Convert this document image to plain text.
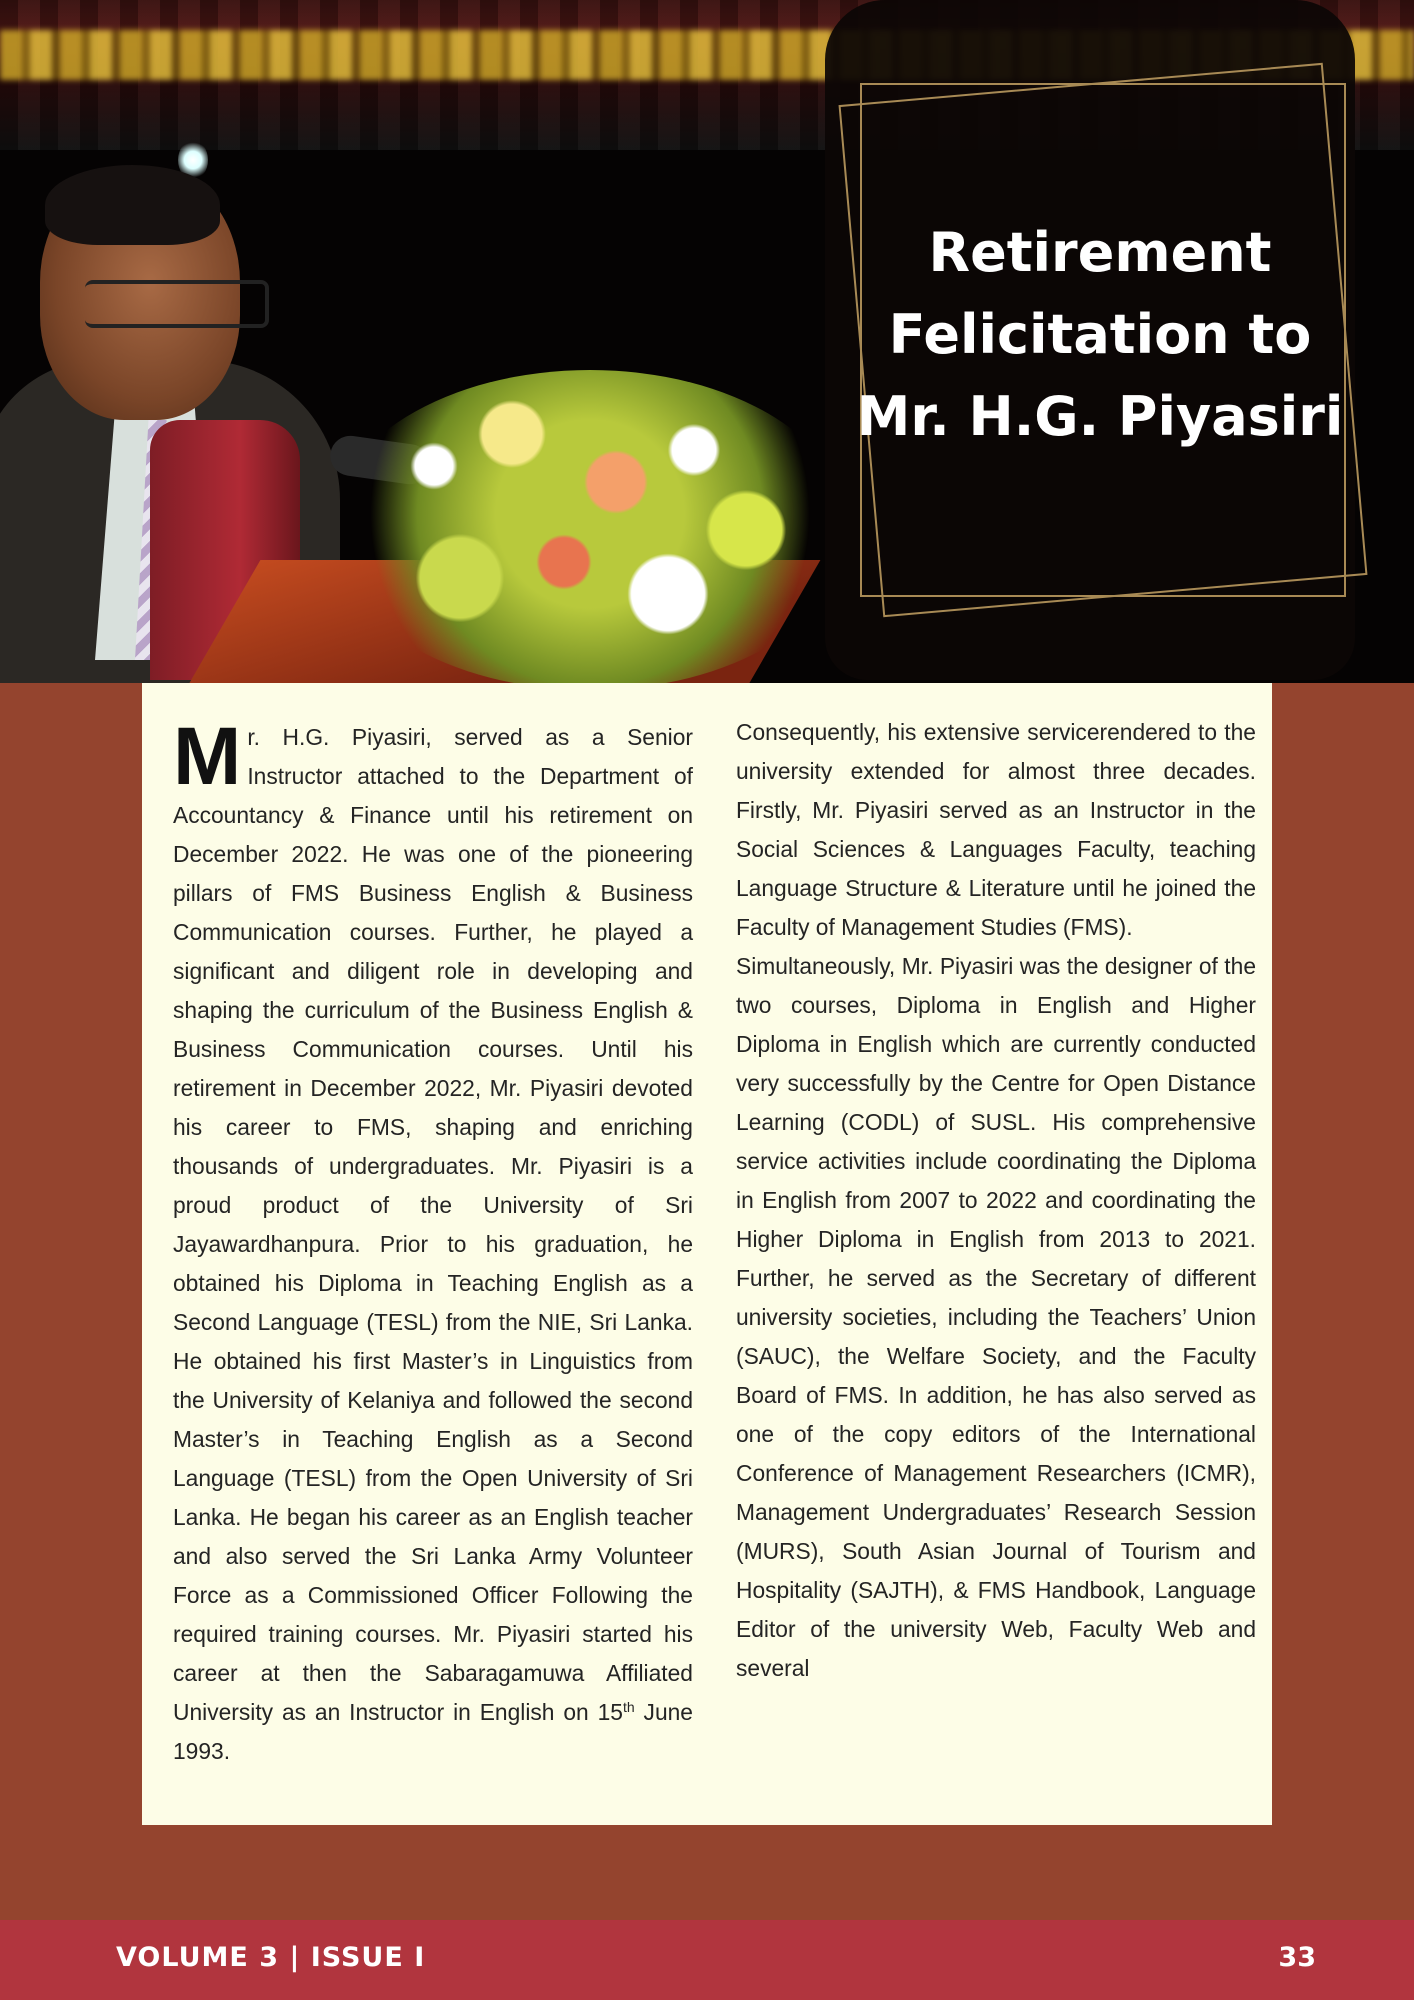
Retirement Felicitation to Mr. H.G. Piyasiri

Mr. H.G. Piyasiri, served as a Senior Instructor attached to the Department of Accountancy & Finance until his retirement on December 2022. He was one of the pioneering pillars of FMS Business English & Business Communication courses. Further, he played a significant and diligent role in developing and shaping the curriculum of the Business English & Business Communication courses. Until his retirement in December 2022, Mr. Piyasiri devoted his career to FMS, shaping and enriching thousands of undergraduates. Mr. Piyasiri is a proud product of the University of Sri Jayawardhanpura. Prior to his graduation, he obtained his Diploma in Teaching English as a Second Language (TESL) from the NIE, Sri Lanka. He obtained his first Master’s in Linguistics from the University of Kelaniya and followed the second Master’s in Teaching English as a Second Language (TESL) from the Open University of Sri Lanka. He began his career as an English teacher and also served the Sri Lanka Army Volunteer Force as a Commissioned Officer Following the required training courses. Mr. Piyasiri started his career at then the Sabaragamuwa Affiliated University as an Instructor in English on 15th June 1993.

Consequently, his extensive servicerendered to the university extended for almost three decades. Firstly, Mr. Piyasiri served as an Instructor in the Social Sciences & Languages Faculty, teaching Language Structure & Literature until he joined the Faculty of Management Studies (FMS).

Simultaneously, Mr. Piyasiri was the designer of the two courses, Diploma in English and Higher Diploma in English which are currently conducted very successfully by the Centre for Open Distance Learning (CODL) of SUSL. His comprehensive service activities include coordinating the Diploma in English from 2007 to 2022 and coordinating the Higher Diploma in English from 2013 to 2021. Further, he served as the Secretary of different university societies, including the Teachers’ Union (SAUC), the Welfare Society, and the Faculty Board of FMS. In addition, he has also served as one of the copy editors of the International Conference of Management Researchers (ICMR), Management Undergraduates’ Research Session (MURS), South Asian Journal of Tourism and Hospitality (SAJTH), & FMS Handbook, Language Editor of the university Web, Faculty Web and several

VOLUME 3 | ISSUE I	33
